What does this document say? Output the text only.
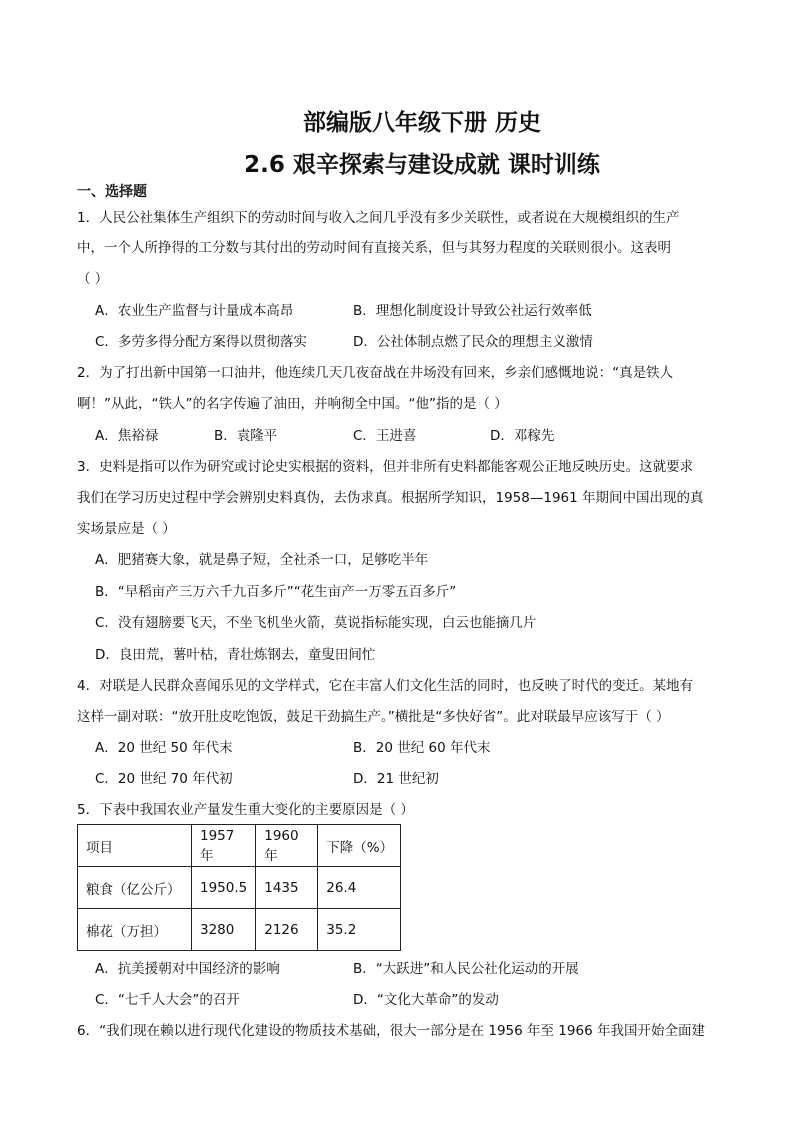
部编版八年级下册 历史
2.6 艰辛探索与建设成就 课时训练
一、选择题
1．人民公社集体生产组织下的劳动时间与收入之间几乎没有多少关联性，或者说在大规模组织的生产
中，一个人所挣得的工分数与其付出的劳动时间有直接关系，但与其努力程度的关联则很小。这表明
（ ）
A．农业生产监督与计量成本高昂	B．理想化制度设计导致公社运行效率低
C．多劳多得分配方案得以贯彻落实	D．公社体制点燃了民众的理想主义激情
2．为了打出新中国第一口油井，他连续几天几夜奋战在井场没有回来，乡亲们感慨地说：“真是铁人
啊！”从此，“铁人”的名字传遍了油田，并响彻全中国。“他”指的是（ ）
A．焦裕禄	B．袁隆平	C．王进喜	D．邓稼先
3．史料是指可以作为研究或讨论史实根据的资料，但并非所有史料都能客观公正地反映历史。这就要求
我们在学习历史过程中学会辨别史料真伪，去伪求真。根据所学知识，1958—1961 年期间中国出现的真
实场景应是（ ）
A．肥猪赛大象，就是鼻子短，全社杀一口，足够吃半年
B．“早稻亩产三万六千九百多斤”“花生亩产一万零五百多斤”
C．没有翅膀要飞天，不坐飞机坐火箭，莫说指标能实现，白云也能摘几片
D．良田荒，薯叶枯，青壮炼钢去，童叟田间忙
4．对联是人民群众喜闻乐见的文学样式，它在丰富人们文化生活的同时，也反映了时代的变迁。某地有
这样一副对联：“放开肚皮吃饱饭，鼓足干劲搞生产。”横批是“多快好省”。此对联最早应该写于（ ）
A．20 世纪 50 年代末	B．20 世纪 60 年代末
C．20 世纪 70 年代初	D．21 世纪初
5．下表中我国农业产量发生重大变化的主要原因是（ ）
项目	1957 年	1960 年	下降（%）
粮食（亿公斤）	1950.5	1435	26.4
棉花（万担）	3280	2126	35.2
A．抗美援朝对中国经济的影响	B．“大跃进”和人民公社化运动的开展
C．“七千人大会”的召开	D．“文化大革命”的发动
6．“我们现在赖以进行现代化建设的物质技术基础，很大一部分是在 1956 年至 1966 年我国开始全面建
